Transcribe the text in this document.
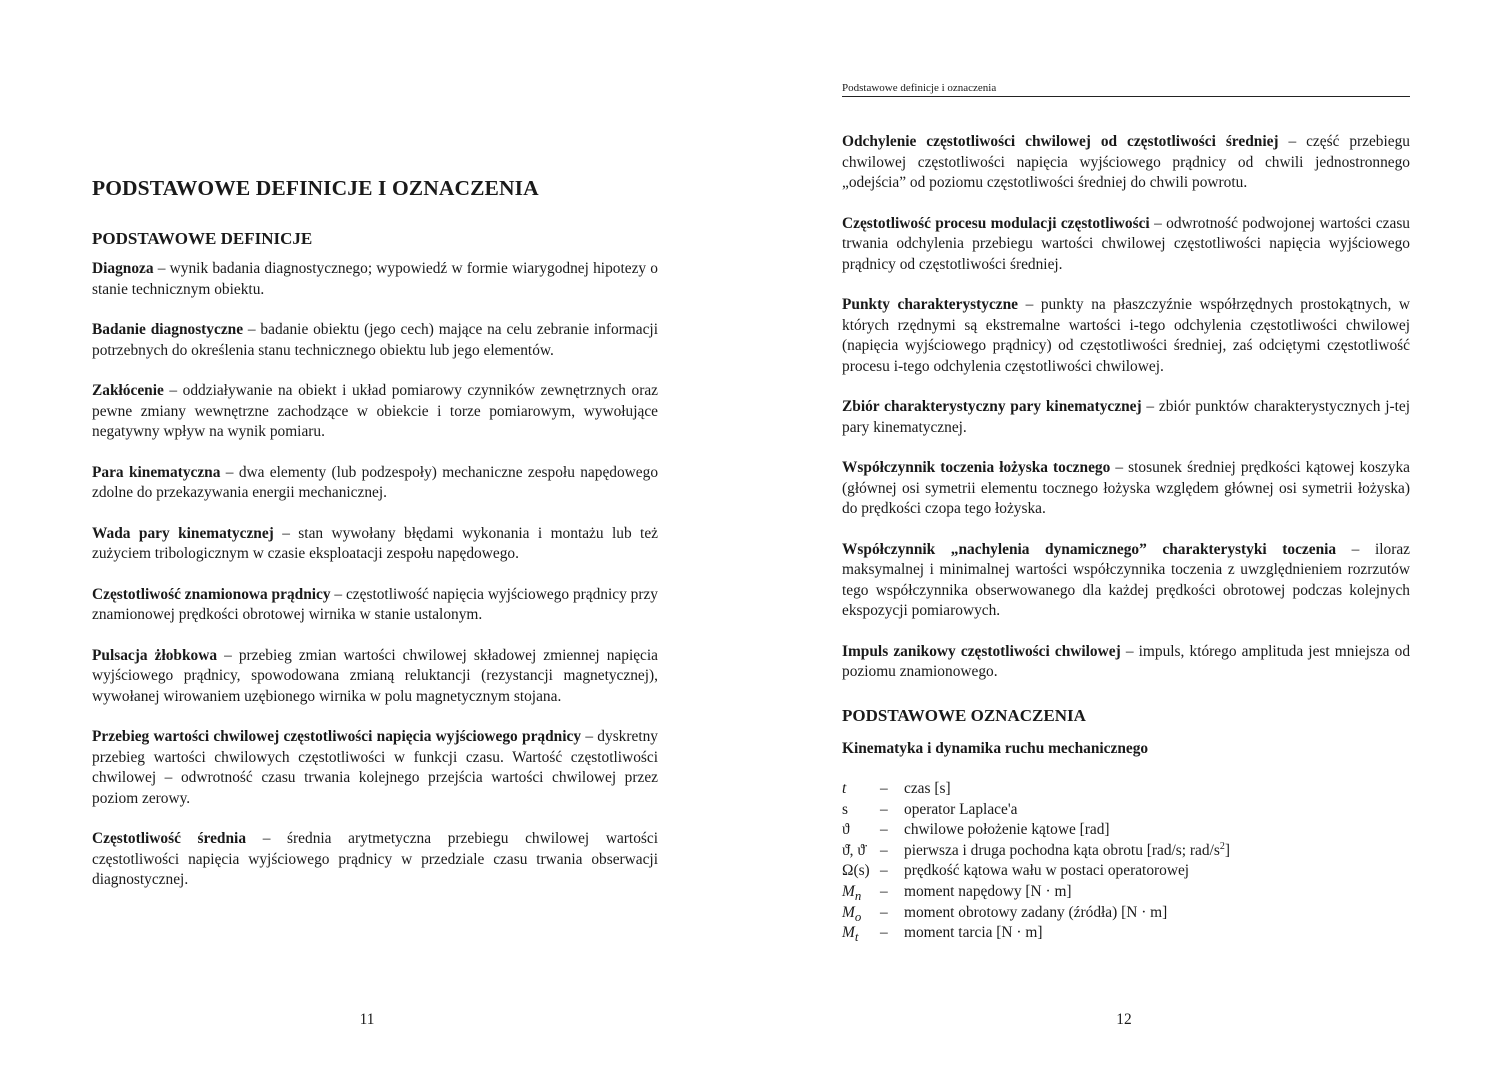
PODSTAWOWE DEFINICJE I OZNACZENIA
PODSTAWOWE DEFINICJE

Diagnoza – wynik badania diagnostycznego; wypowiedź w formie wiarygodnej hipotezy o stanie technicznym obiektu.

Badanie diagnostyczne – badanie obiektu (jego cech) mające na celu zebranie informacji potrzebnych do określenia stanu technicznego obiektu lub jego elementów.

Zakłócenie – oddziaływanie na obiekt i układ pomiarowy czynników zewnętrznych oraz pewne zmiany wewnętrzne zachodzące w obiekcie i torze pomiarowym, wywołujące negatywny wpływ na wynik pomiaru.

Para kinematyczna – dwa elementy (lub podzespoły) mechaniczne zespołu napędowego zdolne do przekazywania energii mechanicznej.

Wada pary kinematycznej – stan wywołany błędami wykonania i montażu lub też zużyciem tribologicznym w czasie eksploatacji zespołu napędowego.

Częstotliwość znamionowa prądnicy – częstotliwość napięcia wyjściowego prądnicy przy znamionowej prędkości obrotowej wirnika w stanie ustalonym.

Pulsacja żłobkowa – przebieg zmian wartości chwilowej składowej zmiennej napięcia wyjściowego prądnicy, spowodowana zmianą reluktancji (rezystancji magnetycznej), wywołanej wirowaniem uzębionego wirnika w polu magnetycznym stojana.

Przebieg wartości chwilowej częstotliwości napięcia wyjściowego prądnicy – dyskretny przebieg wartości chwilowych częstotliwości w funkcji czasu. Wartość częstotliwości chwilowej – odwrotność czasu trwania kolejnego przejścia wartości chwilowej przez poziom zerowy.

Częstotliwość średnia – średnia arytmetyczna przebiegu chwilowej wartości częstotliwości napięcia wyjściowego prądnicy w przedziale czasu trwania obserwacji diagnostycznej.

11
Podstawowe definicje i oznaczenia

Odchylenie częstotliwości chwilowej od częstotliwości średniej – część przebiegu chwilowej częstotliwości napięcia wyjściowego prądnicy od chwili jednostronnego „odejścia” od poziomu częstotliwości średniej do chwili powrotu.

Częstotliwość procesu modulacji częstotliwości – odwrotność podwojonej wartości czasu trwania odchylenia przebiegu wartości chwilowej częstotliwości napięcia wyjściowego prądnicy od częstotliwości średniej.

Punkty charakterystyczne – punkty na płaszczyźnie współrzędnych prostokątnych, w których rzędnymi są ekstremalne wartości i-tego odchylenia częstotliwości chwilowej (napięcia wyjściowego prądnicy) od częstotliwości średniej, zaś odciętymi częstotliwość procesu i-tego odchylenia częstotliwości chwilowej.

Zbiór charakterystyczny pary kinematycznej – zbiór punktów charakterystycznych j-tej pary kinematycznej.

Współczynnik toczenia łożyska tocznego – stosunek średniej prędkości kątowej koszyka (głównej osi symetrii elementu tocznego łożyska względem głównej osi symetrii łożyska) do prędkości czopa tego łożyska.

Współczynnik „nachylenia dynamicznego” charakterystyki toczenia – iloraz maksymalnej i minimalnej wartości współczynnika toczenia z uwzględnieniem rozrzutów tego współczynnika obserwowanego dla każdej prędkości obrotowej podczas kolejnych ekspozycji pomiarowych.

Impuls zanikowy częstotliwości chwilowej – impuls, którego amplituda jest mniejsza od poziomu znamionowego.

PODSTAWOWE OZNACZENIA
Kinematyka i dynamika ruchu mechanicznego
t	–	czas [s]
s	–	operator Laplace'a
ϑ	–	chwilowe położenie kątowe [rad]
ϑ̇, ϑ̈ –	pierwsza i druga pochodna kąta obrotu [rad/s; rad/$s^2$]
Ω(s) –	prędkość kątowa wału w postaci operatorowej
$M_n$	–	moment napędowy [N · m]
$M_o$	–	moment obrotowy zadany (źródła) [N · m]
$M_t$	–	moment tarcia [N · m]
12
